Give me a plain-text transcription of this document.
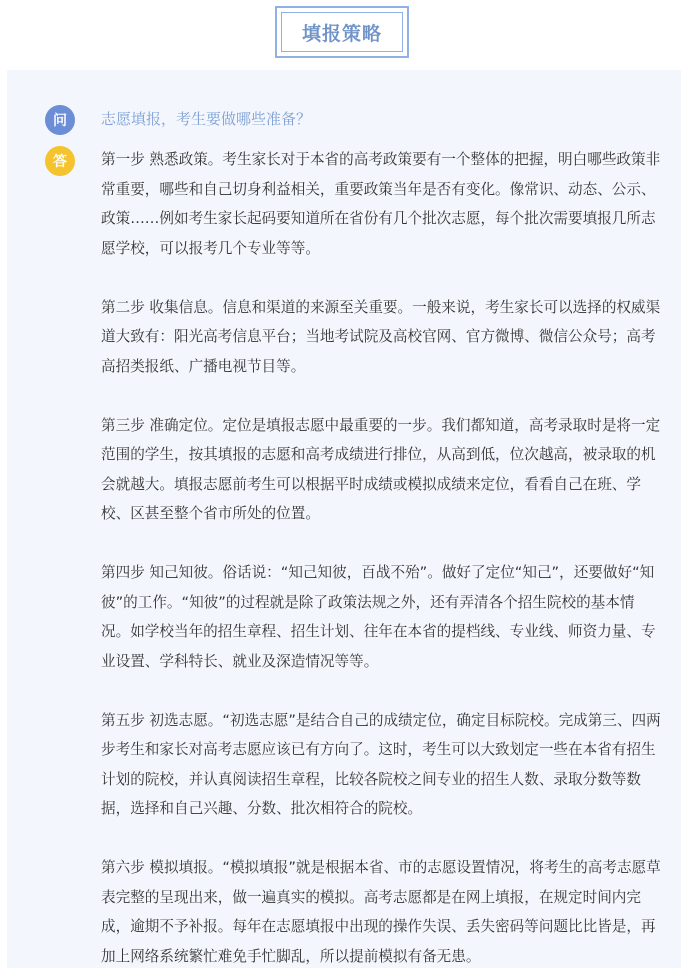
填报策略
问	志愿填报，考生要做哪些准备？
答	第一步 熟悉政策。考生家长对于本省的高考政策要有一个整体的把握，明白哪些政策非常重要，哪些和自己切身利益相关，重要政策当年是否有变化。像常识、动态、公示、政策……例如考生家长起码要知道所在省份有几个批次志愿，每个批次需要填报几所志愿学校，可以报考几个专业等等。

第二步 收集信息。信息和渠道的来源至关重要。一般来说，考生家长可以选择的权威渠道大致有：阳光高考信息平台；当地考试院及高校官网、官方微博、微信公众号；高考高招类报纸、广播电视节目等。

第三步 准确定位。定位是填报志愿中最重要的一步。我们都知道，高考录取时是将一定范围的学生，按其填报的志愿和高考成绩进行排位，从高到低，位次越高，被录取的机会就越大。填报志愿前考生可以根据平时成绩或模拟成绩来定位，看看自己在班、学校、区甚至整个省市所处的位置。

第四步 知己知彼。俗话说：“知己知彼，百战不殆”。做好了定位“知己”，还要做好“知彼”的工作。“知彼”的过程就是除了政策法规之外，还有弄清各个招生院校的基本情况。如学校当年的招生章程、招生计划、往年在本省的提档线、专业线、师资力量、专业设置、学科特长、就业及深造情况等等。

第五步 初选志愿。“初选志愿”是结合自己的成绩定位，确定目标院校。完成第三、四两步考生和家长对高考志愿应该已有方向了。这时，考生可以大致划定一些在本省有招生计划的院校，并认真阅读招生章程，比较各院校之间专业的招生人数、录取分数等数据，选择和自己兴趣、分数、批次相符合的院校。

第六步 模拟填报。“模拟填报”就是根据本省、市的志愿设置情况，将考生的高考志愿草表完整的呈现出来，做一遍真实的模拟。高考志愿都是在网上填报，在规定时间内完成，逾期不予补报。每年在志愿填报中出现的操作失误、丢失密码等问题比比皆是，再加上网络系统繁忙难免手忙脚乱，所以提前模拟有备无患。
